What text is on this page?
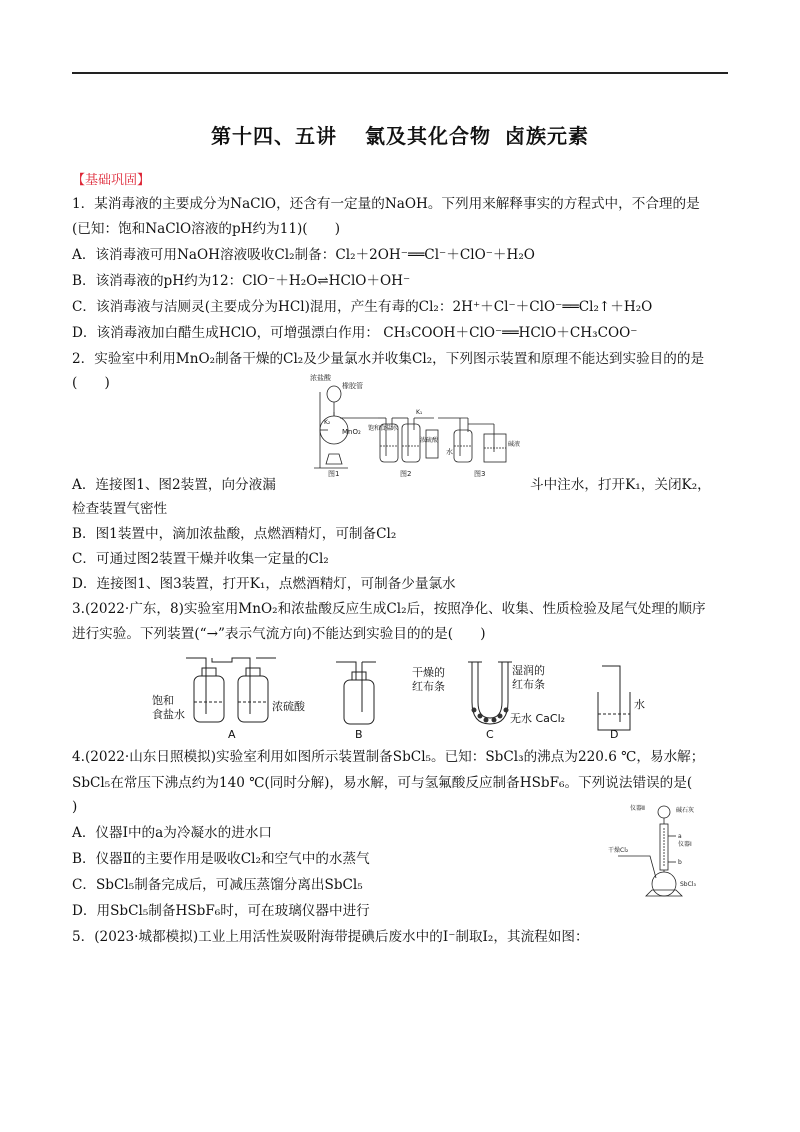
第十四、五讲 氯及其化合物 卤族元素
【基础巩固】
1．某消毒液的主要成分为NaClO，还含有一定量的NaOH。下列用来解释事实的方程式中，不合理的是
(已知：饱和NaClO溶液的pH约为11)(　　)
A．该消毒液可用NaOH溶液吸收Cl₂制备：Cl₂＋2OH⁻══Cl⁻＋ClO⁻＋H₂O
B．该消毒液的pH约为12：ClO⁻＋H₂O⇌HClO＋OH⁻
C．该消毒液与洁厕灵(主要成分为HCl)混用，产生有毒的Cl₂：2H⁺＋Cl⁻＋ClO⁻══Cl₂↑＋H₂O
D．该消毒液加白醋生成HClO，可增强漂白作用： CH₃COOH＋ClO⁻══HClO＋CH₃COO⁻
2．实验室中利用MnO₂制备干燥的Cl₂及少量氯水并收集Cl₂，下列图示装置和原理不能达到实验目的的是
(　　)	浓盐酸
橡胶管
MnO₂ 饱和食盐水
浓硫酸
水
碱液
K₂
K₁
图1	图2	图3
A．连接图1、图2装置，向分液漏	斗中注水，打开K₁，关闭K₂，
检查装置气密性
B．图1装置中，滴加浓盐酸，点燃酒精灯，可制备Cl₂
C．可通过图2装置干燥并收集一定量的Cl₂
D．连接图1、图3装置，打开K₁，点燃酒精灯，可制备少量氯水
3.(2022·广东，8)实验室用MnO₂和浓盐酸反应生成Cl₂后，按照净化、收集、性质检验及尾气处理的顺序
进行实验。下列装置(“→”表示气流方向)不能达到实验目的的是(　　)
饱和
食盐水
浓硫酸
干燥的
红布条
湿润的
红布条
无水 CaCl₂
水
A	B	C	D
4.(2022·山东日照模拟)实验室利用如图所示装置制备SbCl₅。已知：SbCl₃的沸点为220.6 ℃，易水解；
SbCl₅在常压下沸点约为140 ℃(同时分解)，易水解，可与氢氟酸反应制备HSbF₆。下列说法错误的是(
)
A．仪器Ⅰ中的a为冷凝水的进水口
B．仪器Ⅱ的主要作用是吸收Cl₂和空气中的水蒸气
C．SbCl₅制备完成后，可减压蒸馏分离出SbCl₅
D．用SbCl₅制备HSbF₆时，可在玻璃仪器中进行
仪器Ⅱ	碱石灰
仪器Ⅰ
干燥Cl₂
SbCl₃
a
b
5．(2023·城都模拟)工业上用活性炭吸附海带提碘后废水中的I⁻制取I₂，其流程如图：
